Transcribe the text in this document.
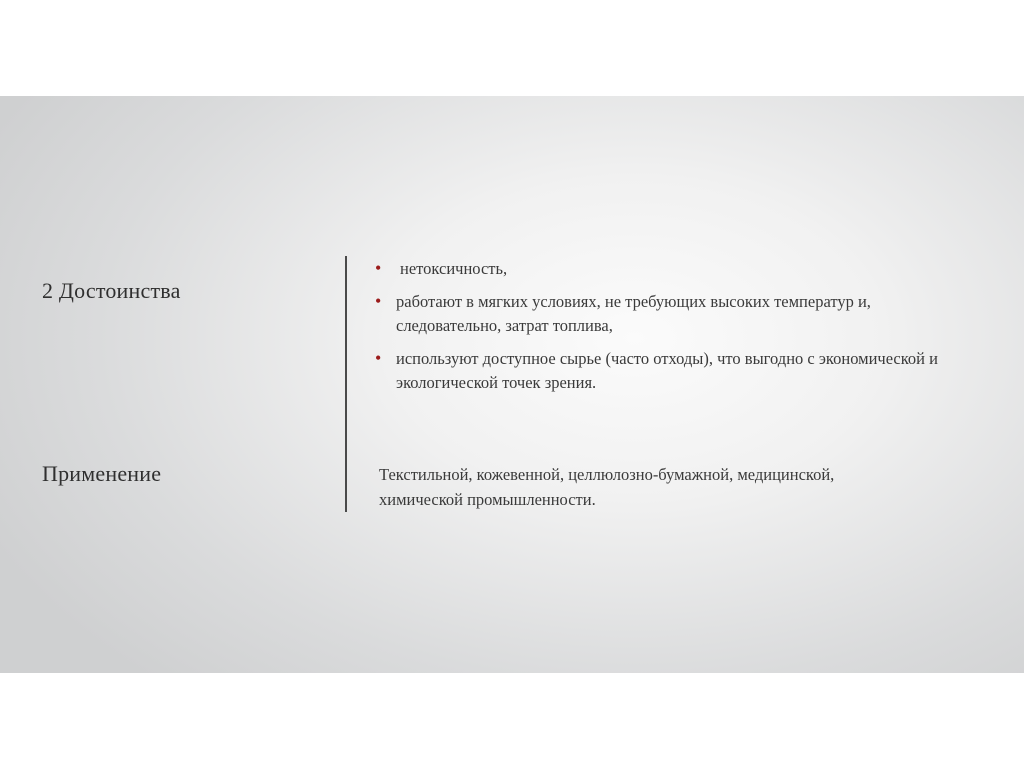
2 Достоинства
Применение
• нетоксичность,
• работают в мягких условиях, не требующих высоких температур и, следовательно, затрат топлива,
• используют доступное сырье (часто отходы), что выгодно с экономической и экологической точек зрения.
Текстильной, кожевенной, целлюлозно-бумажной, медицинской, химической промышленности.
